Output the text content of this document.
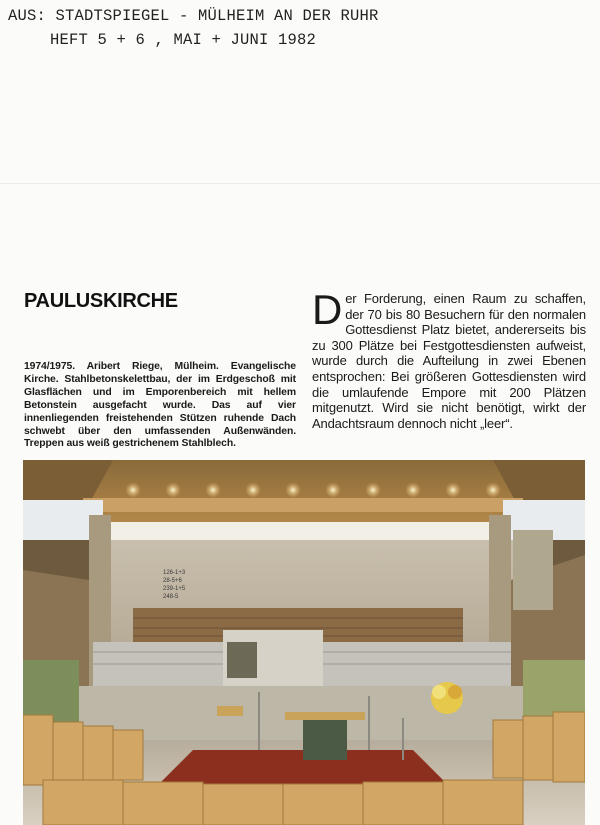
AUS: STADTSPIEGEL - MÜLHEIM AN DER RUHR

HEFT 5 + 6 , MAI + JUNI 1982
PAULUSKIRCHE
1974/1975. Aribert Riege, Mülheim. Evangelische Kirche. Stahlbetonskelettbau, der im Erdgeschoß mit Glasflächen und im Emporenbereich mit hellem Betonstein ausgefacht wurde. Das auf vier innenliegenden freistehenden Stützen ruhende Dach schwebt über den umfassenden Außenwänden. Treppen aus weiß gestrichenem Stahlblech.
Der Forderung, einen Raum zu schaffen, der 70 bis 80 Besuchern für den normalen Gottesdienst Platz bietet, andererseits bis zu 300 Plätze bei Festgottesdiensten aufweist, wurde durch die Aufteilung in zwei Ebenen entsprochen: Bei größeren Gottesdiensten wird die umlaufende Empore mit 200 Plätzen mitgenutzt. Wird sie nicht benötigt, wirkt der Andachtsraum dennoch nicht „leer“.
126-1+3
28-5+6
239-1+5
248-5
